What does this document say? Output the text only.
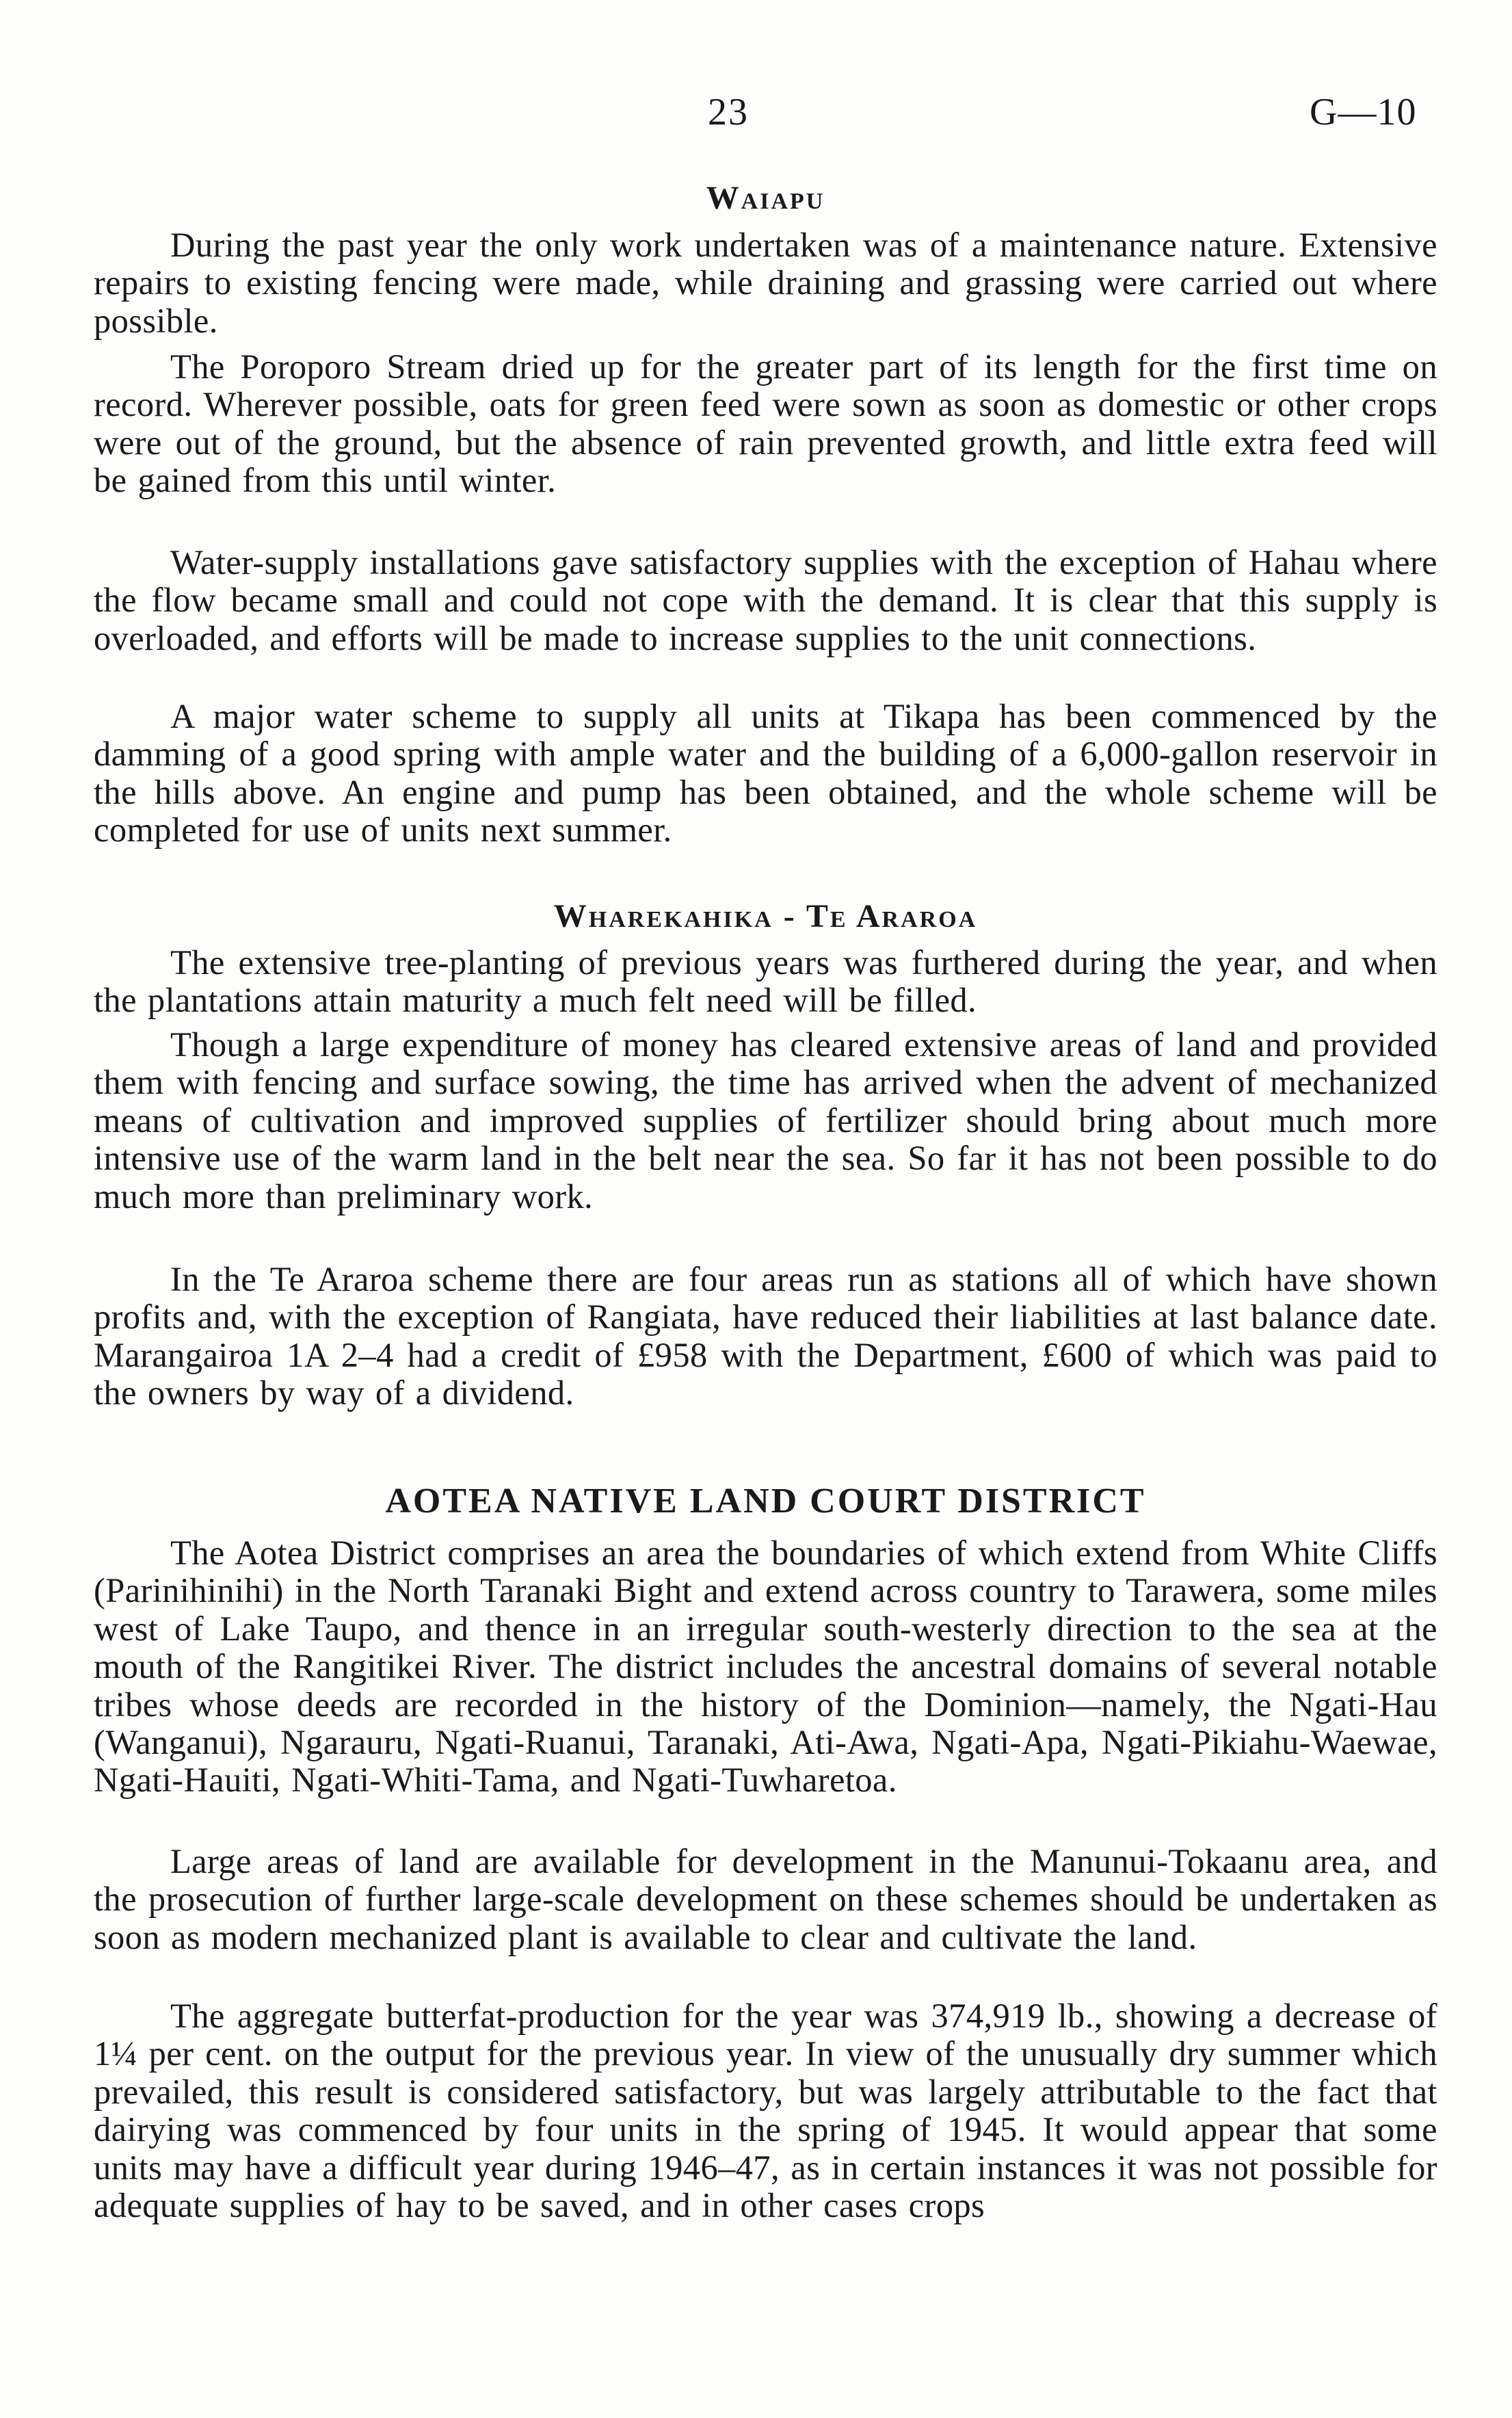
23	G—10
Waiapu

During the past year the only work undertaken was of a maintenance nature. Extensive repairs to existing fencing were made, while draining and grassing were carried out where possible.

The Poroporo Stream dried up for the greater part of its length for the first time on record. Wherever possible, oats for green feed were sown as soon as domestic or other crops were out of the ground, but the absence of rain prevented growth, and little extra feed will be gained from this until winter.

Water-supply installations gave satisfactory supplies with the exception of Hahau where the flow became small and could not cope with the demand. It is clear that this supply is overloaded, and efforts will be made to increase supplies to the unit connections.

A major water scheme to supply all units at Tikapa has been commenced by the damming of a good spring with ample water and the building of a 6,000-gallon reservoir in the hills above. An engine and pump has been obtained, and the whole scheme will be completed for use of units next summer.

Wharekahika - Te Araroa

The extensive tree-planting of previous years was furthered during the year, and when the plantations attain maturity a much felt need will be filled.

Though a large expenditure of money has cleared extensive areas of land and provided them with fencing and surface sowing, the time has arrived when the advent of mechanized means of cultivation and improved supplies of fertilizer should bring about much more intensive use of the warm land in the belt near the sea. So far it has not been possible to do much more than preliminary work.

In the Te Araroa scheme there are four areas run as stations all of which have shown profits and, with the exception of Rangiata, have reduced their liabilities at last balance date. Marangairoa 1A 2–4 had a credit of £958 with the Department, £600 of which was paid to the owners by way of a dividend.

AOTEA NATIVE LAND COURT DISTRICT

The Aotea District comprises an area the boundaries of which extend from White Cliffs (Parinihinihi) in the North Taranaki Bight and extend across country to Tarawera, some miles west of Lake Taupo, and thence in an irregular south-westerly direction to the sea at the mouth of the Rangitikei River. The district includes the ancestral domains of several notable tribes whose deeds are recorded in the history of the Dominion—namely, the Ngati-Hau (Wanganui), Ngarauru, Ngati-Ruanui, Taranaki, Ati-Awa, Ngati-Apa, Ngati-Pikiahu-Waewae, Ngati-Hauiti, Ngati-Whiti-Tama, and Ngati-Tuwharetoa.

Large areas of land are available for development in the Manunui-Tokaanu area, and the prosecution of further large-scale development on these schemes should be undertaken as soon as modern mechanized plant is available to clear and cultivate the land.

The aggregate butterfat-production for the year was 374,919 lb., showing a decrease of 1¼ per cent. on the output for the previous year. In view of the unusually dry summer which prevailed, this result is considered satisfactory, but was largely attributable to the fact that dairying was commenced by four units in the spring of 1945. It would appear that some units may have a difficult year during 1946–47, as in certain instances it was not possible for adequate supplies of hay to be saved, and in other cases crops
